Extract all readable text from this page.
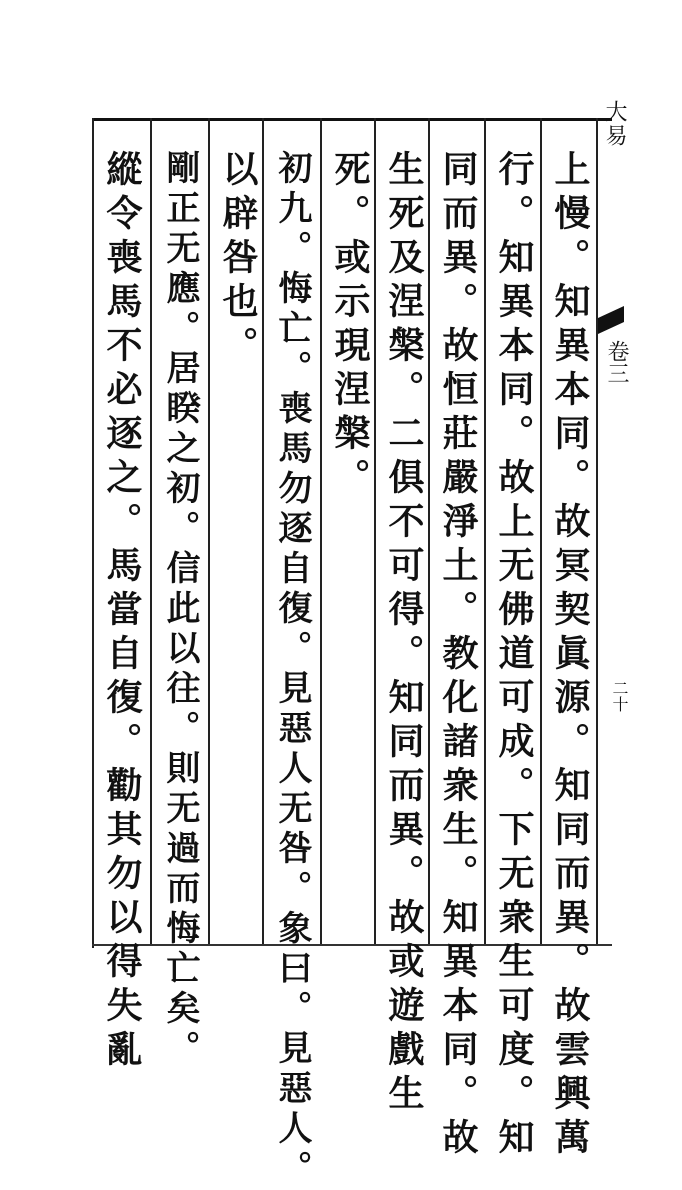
大易
卷三
二十
上慢。知異本同。故冥契眞源。知同而異。故雲興萬
行。知異本同。故上无佛道可成。下无衆生可度。知
同而異。故恒莊嚴淨土。教化諸衆生。知異本同。故
生死及涅槃。二俱不可得。知同而異。故或遊戲生
死。或示現涅槃。
初九。悔亡。喪馬勿逐自復。見惡人无咎。象曰。見惡人。
以辟咎也。
剛正无應。居睽之初。信此以往。則无過而悔亡矣。
縱令喪馬不必逐之。馬當自復。勸其勿以得失亂
